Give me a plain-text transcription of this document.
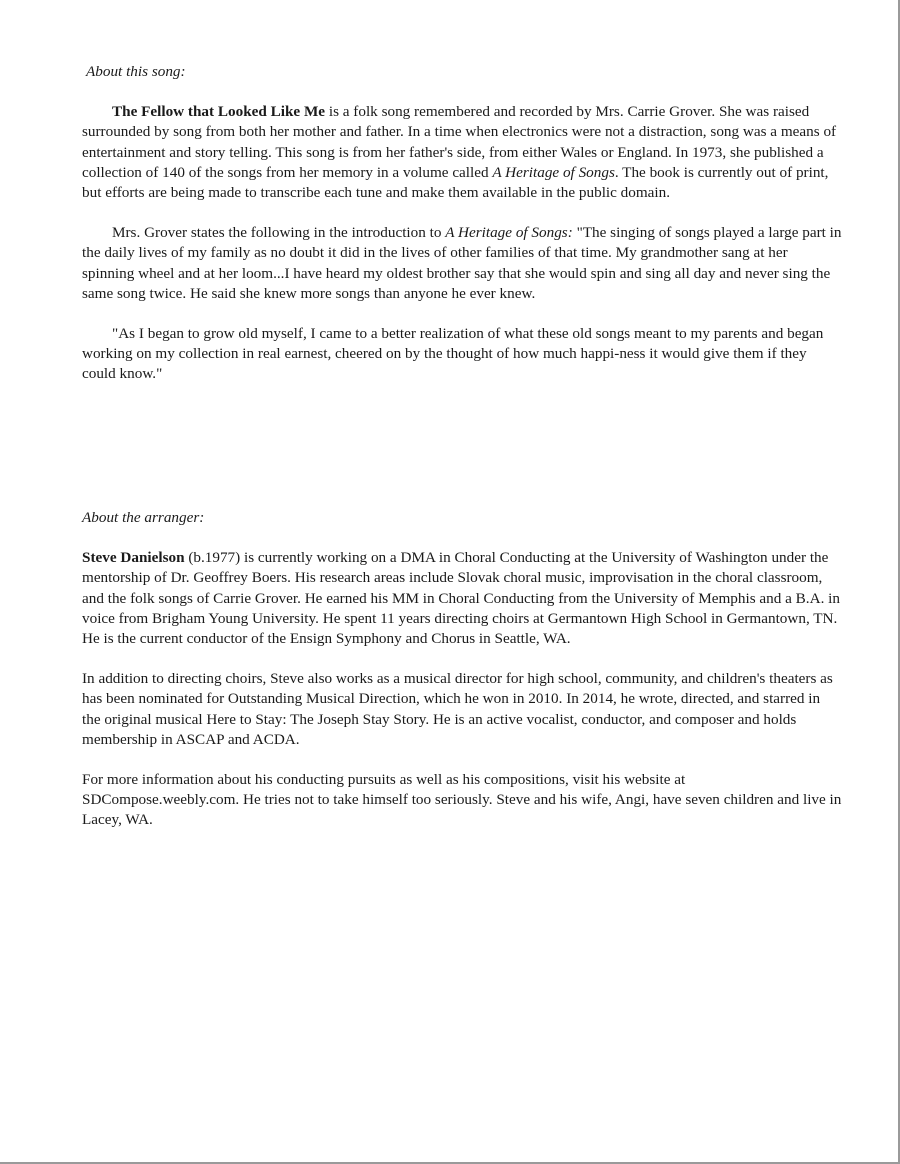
About this song:

The Fellow that Looked Like Me is a folk song remembered and recorded by Mrs. Carrie Grover. She was raised surrounded by song from both her mother and father. In a time when electronics were not a distraction, song was a means of entertainment and story telling. This song is from her father's side, from either Wales or England. In 1973, she published a collection of 140 of the songs from her memory in a volume called A Heritage of Songs. The book is currently out of print, but efforts are being made to transcribe each tune and make them available in the public domain.

Mrs. Grover states the following in the introduction to A Heritage of Songs: "The singing of songs played a large part in the daily lives of my family as no doubt it did in the lives of other families of that time. My grandmother sang at her spinning wheel and at her loom...I have heard my oldest brother say that she would spin and sing all day and never sing the same song twice. He said she knew more songs than anyone he ever knew.

"As I began to grow old myself, I came to a better realization of what these old songs meant to my parents and began working on my collection in real earnest, cheered on by the thought of how much happi-ness it would give them if they could know."

About the arranger:

Steve Danielson (b.1977) is currently working on a DMA in Choral Conducting at the University of Washington under the mentorship of Dr. Geoffrey Boers. His research areas include Slovak choral music, improvisation in the choral classroom, and the folk songs of Carrie Grover. He earned his MM in Choral Conducting from the University of Memphis and a B.A. in voice from Brigham Young University. He spent 11 years directing choirs at Germantown High School in Germantown, TN. He is the current conductor of the Ensign Symphony and Chorus in Seattle, WA.

In addition to directing choirs, Steve also works as a musical director for high school, community, and children's theaters as has been nominated for Outstanding Musical Direction, which he won in 2010. In 2014, he wrote, directed, and starred in the original musical Here to Stay: The Joseph Stay Story. He is an active vocalist, conductor, and composer and holds membership in ASCAP and ACDA.

For more information about his conducting pursuits as well as his compositions, visit his website at SDCompose.weebly.com. He tries not to take himself too seriously. Steve and his wife, Angi, have seven children and live in Lacey, WA.
